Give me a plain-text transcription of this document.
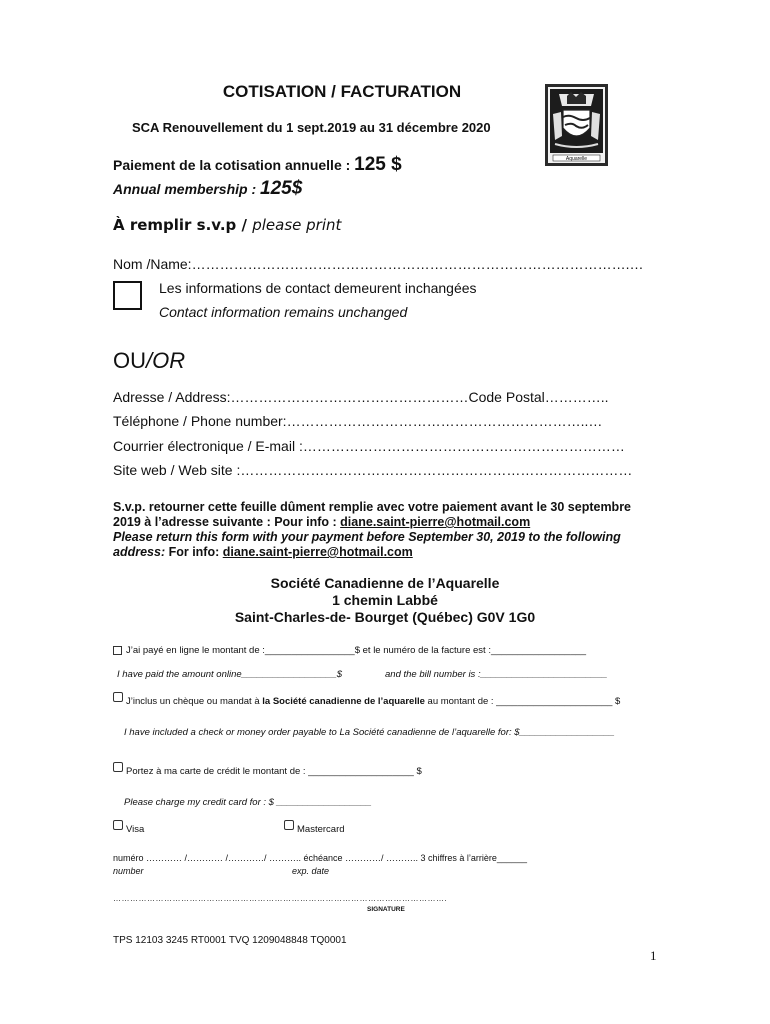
COTISATION / FACTURATION
SCA Renouvellement du 1 sept.2019 au 31 décembre 2020
Aquarelle
Paiement de la cotisation annuelle : 125 $
Annual membership : 125$
À remplir s.v.p / please print
Nom /Name:………………………………………………………………………………….…
Les informations de contact demeurent inchangées
Contact information remains unchanged
OU/OR
Adresse / Address:……………………………………………Code Postal…………..
Téléphone / Phone number:………………………………………………………..…
Courrier électronique / E-mail :……………………………………………………………
Site web / Web site :…………………………………………………………………………
S.v.p. retourner cette feuille dûment remplie avec votre paiement avant le 30 septembre 2019 à l’adresse suivante : Pour info : diane.saint-pierre@hotmail.com
Please return this form with your payment before September 30, 2019 to the following address: For info: diane.saint-pierre@hotmail.com
Société Canadienne de l’Aquarelle
1 chemin Labbé
Saint-Charles-de- Bourget (Québec) G0V 1G0
J’ai payé en ligne le montant de :_________________$ et le numéro de la facture est :__________________
I have paid the amount online__________________$	and the bill number is :________________________
J’inclus un chèque ou mandat à la Société canadienne de l’aquarelle au montant de : ______________________ $
I have included a check or money order payable to La Société canadienne de l’aquarelle for: $__________________
Portez à ma carte de crédit le montant de : ____________________ $
Please charge my credit card for : $ __________________
Visa	Mastercard
numéro ………… /………… /…………/ ……….. échéance …………/ ……….. 3 chiffres à l’arrière______
number	exp. date
……………………………………………………………………………………………………….
SIGNATURE
TPS 12103 3245 RT0001 TVQ 1209048848 TQ0001
1
